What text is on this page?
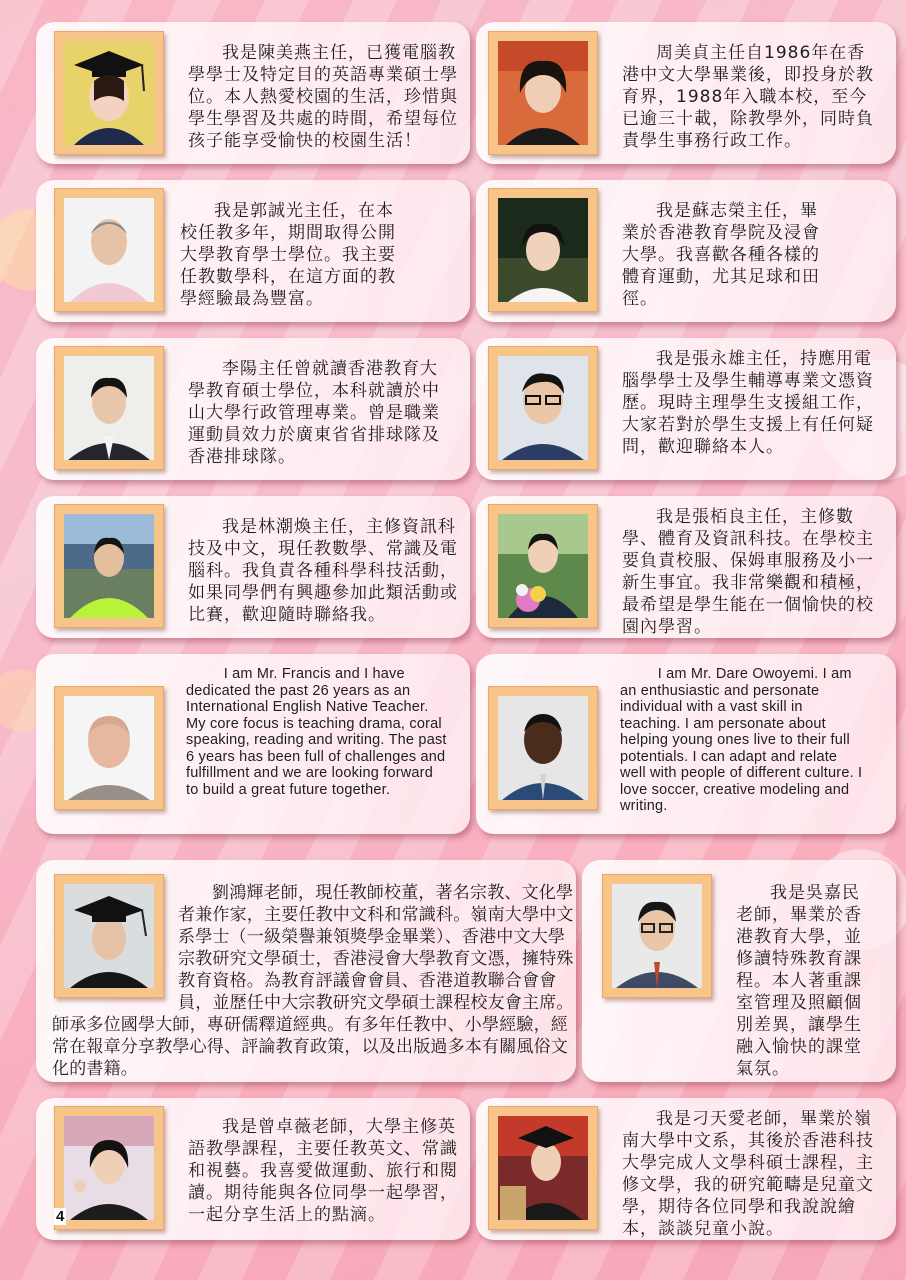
我是陳美燕主任，已獲電腦教學學士及特定目的英語專業碩士學位。本人熱愛校園的生活，珍惜與學生學習及共處的時間，希望每位孩子能享受愉快的校園生活！

周美貞主任自1986年在香港中文大學畢業後，即投身於教育界，1988年入職本校，至今已逾三十載，除教學外，同時負責學生事務行政工作。

我是郭誠光主任，在本校任教多年，期間取得公開大學教育學士學位。我主要任教數學科，在這方面的教學經驗最為豐富。

我是蘇志榮主任，畢業於香港教育學院及浸會大學。我喜歡各種各樣的體育運動，尤其足球和田徑。

李陽主任曾就讀香港教育大學教育碩士學位，本科就讀於中山大學行政管理專業。曾是職業運動員效力於廣東省省排球隊及香港排球隊。

我是張永雄主任，持應用電腦學學士及學生輔導專業文憑資歷。現時主理學生支援組工作，大家若對於學生支援上有任何疑問，歡迎聯絡本人。

我是林潮煥主任，主修資訊科技及中文，現任教數學、常識及電腦科。我負責各種科學科技活動，如果同學們有興趣參加此類活動或比賽，歡迎隨時聯絡我。

我是張栢良主任，主修數學、體育及資訊科技。在學校主要負責校服、保姆車服務及小一新生事宜。我非常樂觀和積極，最希望是學生能在一個愉快的校園內學習。

I am Mr. Francis and I have dedicated the past 26 years as an International English Native Teacher. My core focus is teaching drama, coral speaking, reading and writing. The past 6 years has been full of challenges and fulfillment and we are looking forward to build a great future together.

I am Mr. Dare Owoyemi. I am an enthusiastic and personate individual with a vast skill in teaching. I am personate about helping young ones live to their full potentials. I can adapt and relate well with people of different culture. I love soccer, creative modeling and writing.

劉鴻輝老師，現任教師校董，著名宗教、文化學者兼作家，主要任教中文科和常識科。嶺南大學中文系學士（一級榮譽兼領獎學金畢業）、香港中文大學宗教研究文學碩士，香港浸會大學教育文憑，擁特殊教育資格。為教育評議會會員、香港道教聯合會會員，並歷任中大宗教研究文學碩士課程校友會主席。師承多位國學大師，專研儒釋道經典。有多年任教中、小學經驗，經常在報章分享教學心得、評論教育政策，以及出版過多本有關風俗文化的書籍。

我是吳嘉民老師，畢業於香港教育大學，並修讀特殊教育課程。本人著重課室管理及照顧個別差異，讓學生融入愉快的課堂氣氛。

我是曾卓薇老師，大學主修英語教學課程，主要任教英文、常識和視藝。我喜愛做運動、旅行和閱讀。期待能與各位同學一起學習，一起分享生活上的點滴。

4

我是刁天愛老師，畢業於嶺南大學中文系，其後於香港科技大學完成人文學科碩士課程，主修文學，我的研究範疇是兒童文學，期待各位同學和我說說繪本，談談兒童小說。
